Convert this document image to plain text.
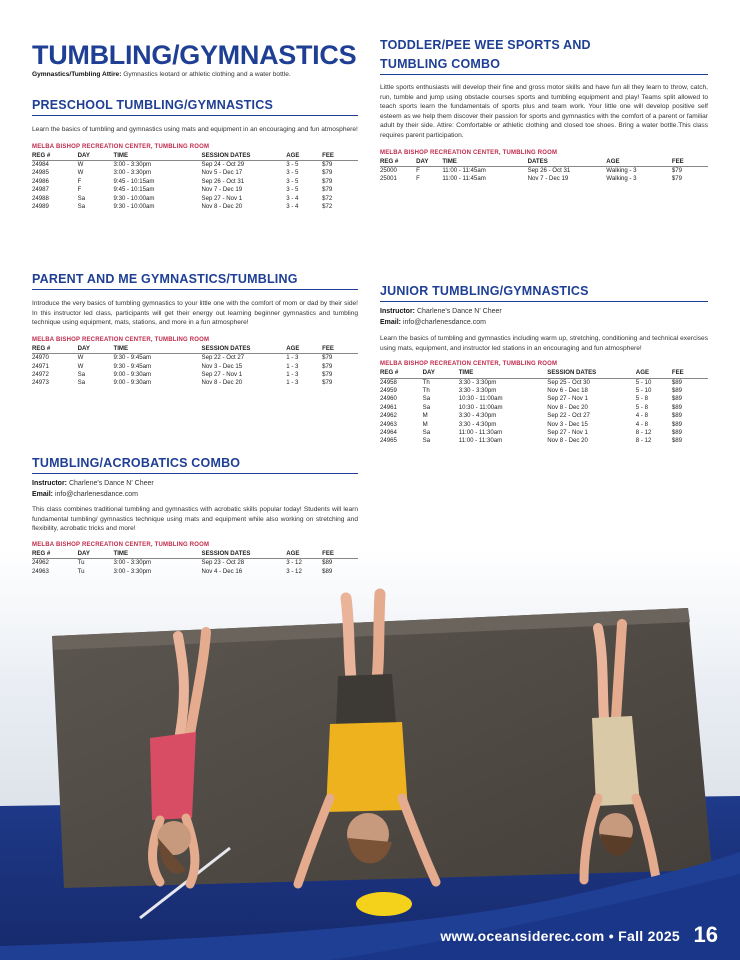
TUMBLING/GYMNASTICS
Gymnastics/Tumbling Attire: Gymnastics leotard or athletic clothing and a water bottle.
PRESCHOOL TUMBLING/GYMNASTICS
Learn the basics of tumbling and gymnastics using mats and equipment in an encouraging and fun atmosphere!
MELBA BISHOP RECREATION CENTER, TUMBLING ROOM
REG #	DAY	TIME	SESSION DATES	AGE	FEE
24984	W	3:00 - 3:30pm	Sep 24 - Oct 29	3 - 5	$79
24985	W	3:00 - 3:30pm	Nov 5 - Dec 17	3 - 5	$79
24986	F	9:45 - 10:15am	Sep 26 - Oct 31	3 - 5	$79
24987	F	9:45 - 10:15am	Nov 7 - Dec 19	3 - 5	$79
24988	Sa	9:30 - 10:00am	Sep 27 - Nov 1	3 - 4	$72
24989	Sa	9:30 - 10:00am	Nov 8 - Dec 20	3 - 4	$72
PARENT AND ME GYMNASTICS/TUMBLING
Introduce the very basics of tumbling gymnastics to your little one with the comfort of mom or dad by their side! In this instructor led class, participants will get their energy out learning beginner gymnastics and tumbling technique using equipment, mats, stations, and more in a fun atmosphere!
MELBA BISHOP RECREATION CENTER, TUMBLING ROOM
REG #	DAY	TIME	SESSION DATES	AGE	FEE
24970	W	9:30 - 9:45am	Sep 22 - Oct 27	1 - 3	$79
24971	W	9:30 - 9:45am	Nov 3 - Dec 15	1 - 3	$79
24972	Sa	9:00 - 9:30am	Sep 27 - Nov 1	1 - 3	$79
24973	Sa	9:00 - 9:30am	Nov 8 - Dec 20	1 - 3	$79
TUMBLING/ACROBATICS COMBO
Instructor: Charlene's Dance N' Cheer
Email: info@charlenesdance.com
This class combines traditional tumbling and gymnastics with acrobatic skills popular today! Students will learn fundamental tumbling/ gymnastics technique using mats and equipment while also working on stretching and flexibility, acrobatic tricks and more!
MELBA BISHOP RECREATION CENTER, TUMBLING ROOM
REG #	DAY	TIME	SESSION DATES	AGE	FEE
24962	Tu	3:00 - 3:30pm	Sep 23 - Oct 28	3 - 12	$89
24963	Tu	3:00 - 3:30pm	Nov 4 - Dec 16	3 - 12	$89
TODDLER/PEE WEE SPORTS AND
TUMBLING COMBO
Little sports enthusiasts will develop their fine and gross motor skills and have fun all they learn to throw, catch, run, tumble and jump using obstacle courses sports and tumbling equipment and play! Teams split allowed to teach sports learn the fundamentals of sports plus and team work. Your little one will develop positive self esteem as we help them discover their passion for sports and gymnastics with the comfort of a parent or familiar adult by their side. Attire: Comfortable or athletic clothing and closed toe shoes. Bring a water bottle.This class requires parent participation.
MELBA BISHOP RECREATION CENTER, TUMBLING ROOM
REG #	DAY	TIME	DATES	AGE	FEE
25000	F	11:00 - 11:45am	Sep 26 - Oct 31	Walking - 3	$79
25001	F	11:00 - 11:45am	Nov 7 - Dec 19	Walking - 3	$79
JUNIOR TUMBLING/GYMNASTICS
Instructor: Charlene's Dance N' Cheer
Email: info@charlenesdance.com
Learn the basics of tumbling and gymnastics including warm up, stretching, conditioning and technical exercises using mats, equipment, and instructor led stations in an encouraging and fun atmosphere!
MELBA BISHOP RECREATION CENTER, TUMBLING ROOM
REG #	DAY	TIME	SESSION DATES	AGE	FEE
24958	Th	3:30 - 3:30pm	Sep 25 - Oct 30	5 - 10	$89
24959	Th	3:30 - 3:30pm	Nov 6 - Dec 18	5 - 10	$89
24960	Sa	10:30 - 11:00am	Sep 27 - Nov 1	5 - 8	$89
24961	Sa	10:30 - 11:00am	Nov 8 - Dec 20	5 - 8	$89
24962	M	3:30 - 4:30pm	Sep 22 - Oct 27	4 - 8	$89
24963	M	3:30 - 4:30pm	Nov 3 - Dec 15	4 - 8	$89
24964	Sa	11:00 - 11:30am	Sep 27 - Nov 1	8 - 12	$89
24965	Sa	11:00 - 11:30am	Nov 8 - Dec 20	8 - 12	$89
www.oceansiderec.com • Fall 2025 16
